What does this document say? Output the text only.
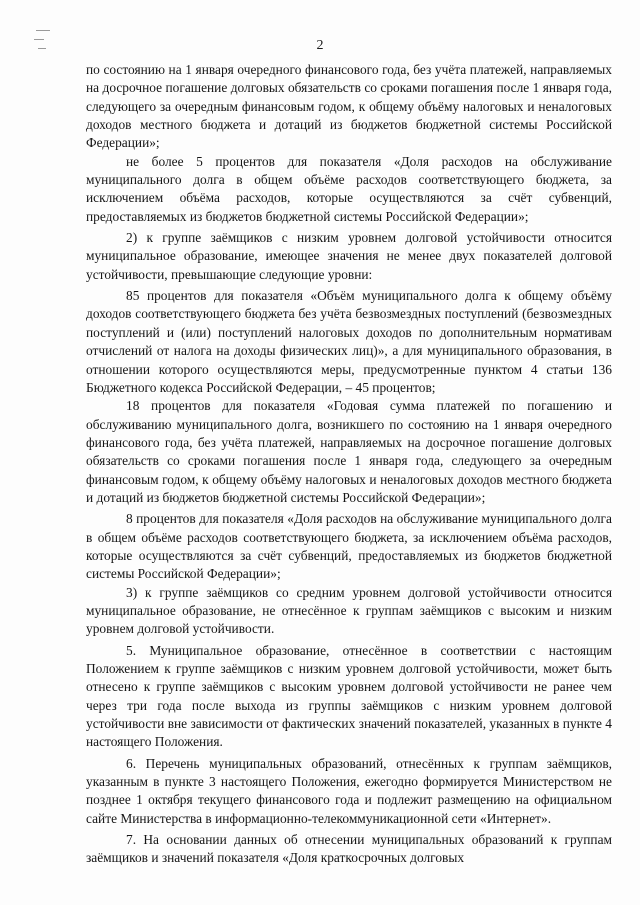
2

по состоянию на 1 января очередного финансового года, без учёта платежей, направляемых на досрочное погашение долговых обязательств со сроками погашения после 1 января года, следующего за очередным финансовым годом, к общему объёму налоговых и неналоговых доходов местного бюджета и дотаций из бюджетов бюджетной системы Российской Федерации»;

не более 5 процентов для показателя «Доля расходов на обслуживание муниципального долга в общем объёме расходов соответствующего бюджета, за исключением объёма расходов, которые осуществляются за счёт субвенций, предоставляемых из бюджетов бюджетной системы Российской Федерации»;

2) к группе заёмщиков с низким уровнем долговой устойчивости относится муниципальное образование, имеющее значения не менее двух показателей долговой устойчивости, превышающие следующие уровни:

85 процентов для показателя «Объём муниципального долга к общему объёму доходов соответствующего бюджета без учёта безвозмездных поступлений (безвозмездных поступлений и (или) поступлений налоговых доходов по дополнительным нормативам отчислений от налога на доходы физических лиц)», а для муниципального образования, в отношении которого осуществляются меры, предусмотренные пунктом 4 статьи 136 Бюджетного кодекса Российской Федерации, – 45 процентов;

18 процентов для показателя «Годовая сумма платежей по погашению и обслуживанию муниципального долга, возникшего по состоянию на 1 января очередного финансового года, без учёта платежей, направляемых на досрочное погашение долговых обязательств со сроками погашения после 1 января года, следующего за очередным финансовым годом, к общему объёму налоговых и неналоговых доходов местного бюджета и дотаций из бюджетов бюджетной системы Российской Федерации»;

8 процентов для показателя «Доля расходов на обслуживание муниципального долга в общем объёме расходов соответствующего бюджета, за исключением объёма расходов, которые осуществляются за счёт субвенций, предоставляемых из бюджетов бюджетной системы Российской Федерации»;

3) к группе заёмщиков со средним уровнем долговой устойчивости относится муниципальное образование, не отнесённое к группам заёмщиков с высоким и низким уровнем долговой устойчивости.

5. Муниципальное образование, отнесённое в соответствии с настоящим Положением к группе заёмщиков с низким уровнем долговой устойчивости, может быть отнесено к группе заёмщиков с высоким уровнем долговой устойчивости не ранее чем через три года после выхода из группы заёмщиков с низким уровнем долговой устойчивости вне зависимости от фактических значений показателей, указанных в пункте 4 настоящего Положения.

6. Перечень муниципальных образований, отнесённых к группам заёмщиков, указанным в пункте 3 настоящего Положения, ежегодно формируется Министерством не позднее 1 октября текущего финансового года и подлежит размещению на официальном сайте Министерства в информационно-телекоммуникационной сети «Интернет».

7. На основании данных об отнесении муниципальных образований к группам заёмщиков и значений показателя «Доля краткосрочных долговых
